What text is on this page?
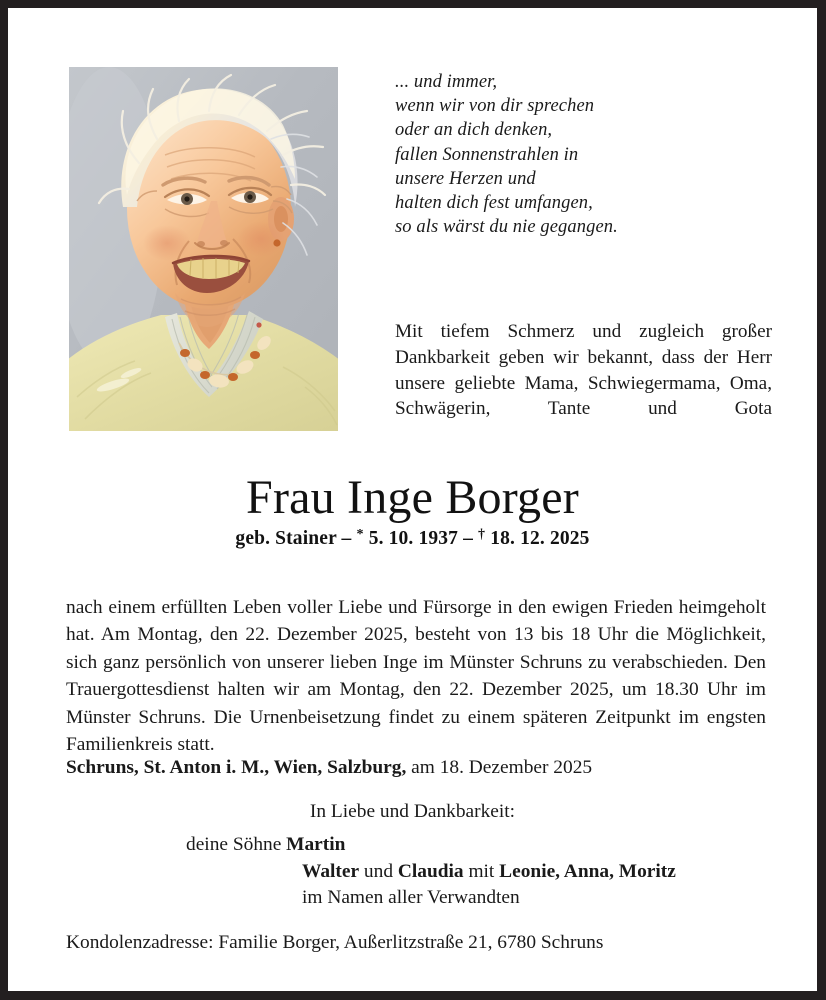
... und immer,
wenn wir von dir sprechen
oder an dich denken,
fallen Sonnenstrahlen in
unsere Herzen und
halten dich fest umfangen,
so als wärst du nie gegangen.
Mit tiefem Schmerz und zugleich großer Dankbarkeit geben wir bekannt, dass der Herr unsere geliebte Mama, Schwiegermama, Oma, Schwägerin, Tante und Gota
Frau Inge Borger
geb. Stainer – * 5. 10. 1937 – † 18. 12. 2025
nach einem erfüllten Leben voller Liebe und Fürsorge in den ewigen Frieden heimgeholt hat. Am Montag, den 22. Dezember 2025, besteht von 13 bis 18 Uhr die Möglichkeit, sich ganz persönlich von unserer lieben Inge im Münster Schruns zu verabschieden. Den Trauergottesdienst halten wir am Montag, den 22. Dezember 2025, um 18.30 Uhr im Münster Schruns. Die Urnenbeisetzung findet zu einem späteren Zeitpunkt im engsten Familienkreis statt.
Schruns, St. Anton i. M., Wien, Salzburg, am 18. Dezember 2025
In Liebe und Dankbarkeit:
deine Söhne Martin
Walter und Claudia mit Leonie, Anna, Moritz
im Namen aller Verwandten
Kondolenzadresse: Familie Borger, Außerlitzstraße 21, 6780 Schruns
